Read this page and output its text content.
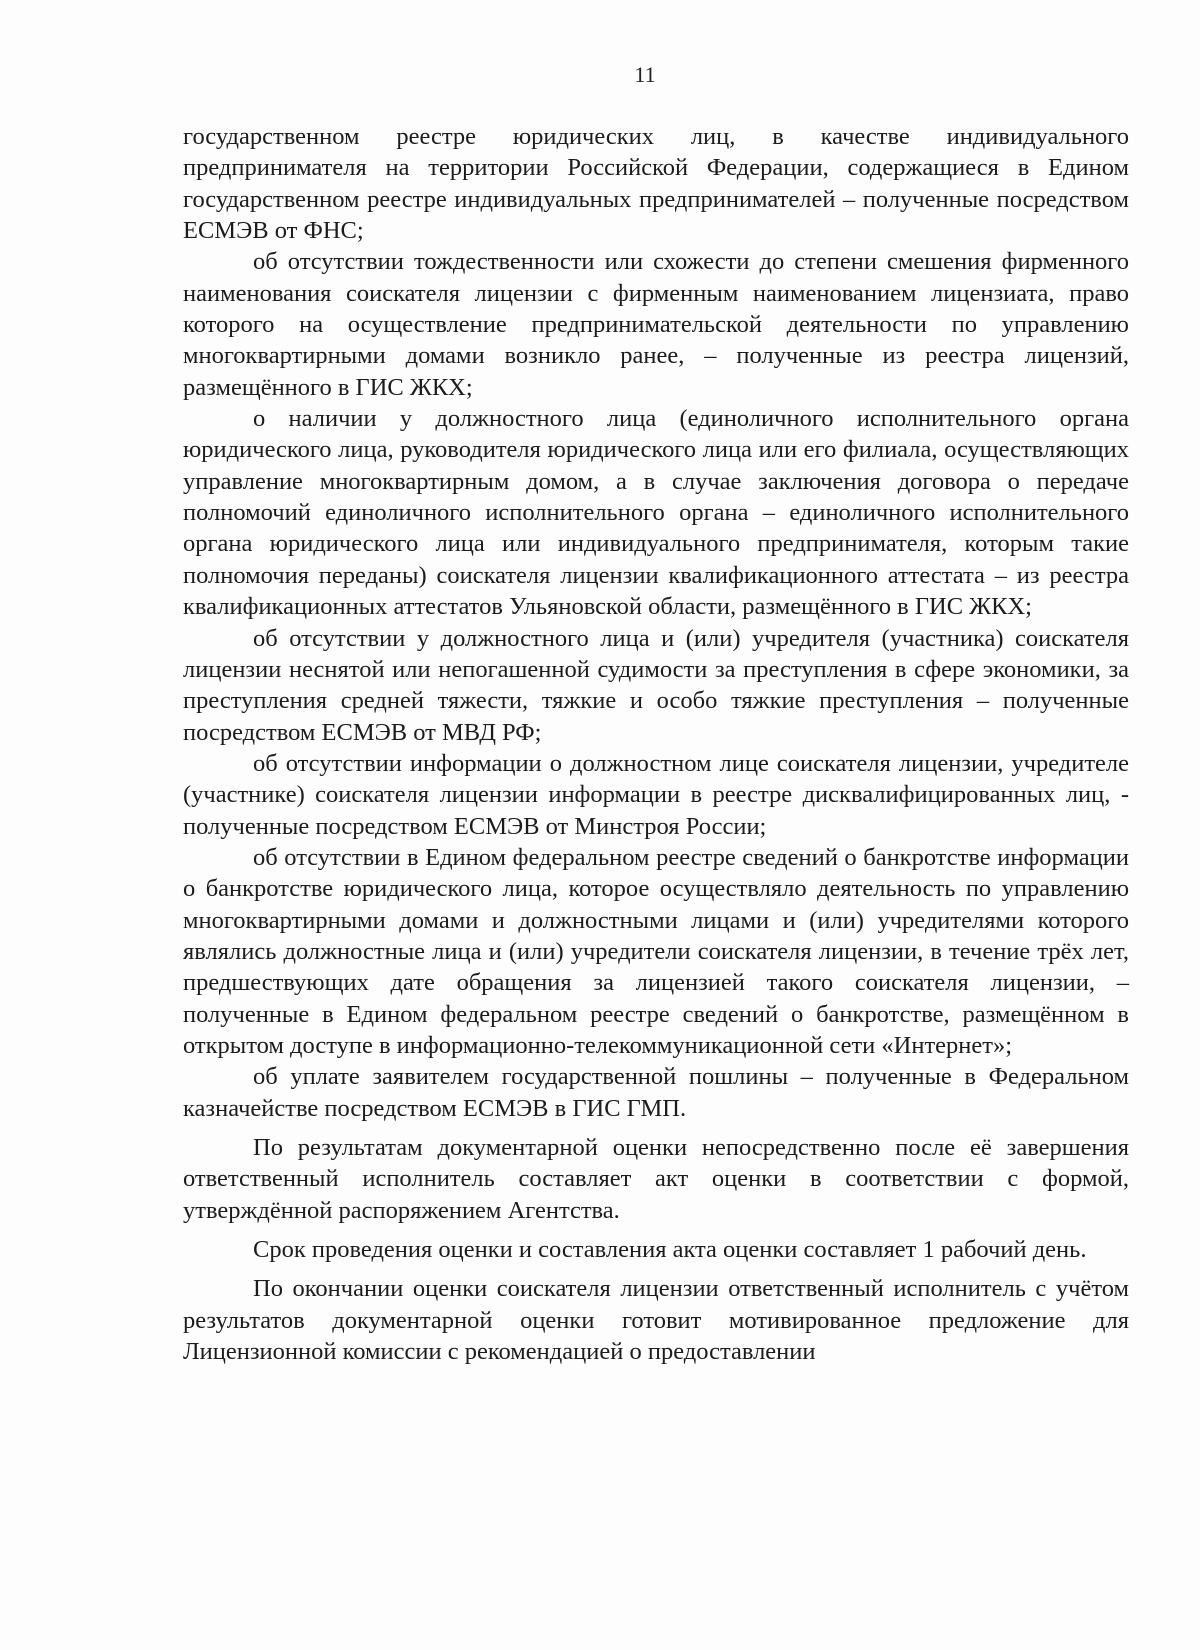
11

государственном реестре юридических лиц, в качестве индивидуального предпринимателя на территории Российской Федерации, содержащиеся в Едином государственном реестре индивидуальных предпринимателей – полученные посредством ЕСМЭВ от ФНС;

об отсутствии тождественности или схожести до степени смешения фирменного наименования соискателя лицензии с фирменным наименованием лицензиата, право которого на осуществление предпринимательской деятельности по управлению многоквартирными домами возникло ранее, – полученные из реестра лицензий, размещённого в ГИС ЖКХ;

о наличии у должностного лица (единоличного исполнительного органа юридического лица, руководителя юридического лица или его филиала, осуществляющих управление многоквартирным домом, а в случае заключения договора о передаче полномочий единоличного исполнительного органа – единоличного исполнительного органа юридического лица или индивидуального предпринимателя, которым такие полномочия переданы) соискателя лицензии квалификационного аттестата – из реестра квалификационных аттестатов Ульяновской области, размещённого в ГИС ЖКХ;

об отсутствии у должностного лица и (или) учредителя (участника) соискателя лицензии неснятой или непогашенной судимости за преступления в сфере экономики, за преступления средней тяжести, тяжкие и особо тяжкие преступления – полученные посредством ЕСМЭВ от МВД РФ;

об отсутствии информации о должностном лице соискателя лицензии, учредителе (участнике) соискателя лицензии информации в реестре дисквалифицированных лиц, - полученные посредством ЕСМЭВ от Минстроя России;

об отсутствии в Едином федеральном реестре сведений о банкротстве информации о банкротстве юридического лица, которое осуществляло деятельность по управлению многоквартирными домами и должностными лицами и (или) учредителями которого являлись должностные лица и (или) учредители соискателя лицензии, в течение трёх лет, предшествующих дате обращения за лицензией такого соискателя лицензии, – полученные в Едином федеральном реестре сведений о банкротстве, размещённом в открытом доступе в информационно-телекоммуникационной сети «Интернет»;

об уплате заявителем государственной пошлины – полученные в Федеральном казначействе посредством ЕСМЭВ в ГИС ГМП.

По результатам документарной оценки непосредственно после её завершения ответственный исполнитель составляет акт оценки в соответствии с формой, утверждённой распоряжением Агентства.

Срок проведения оценки и составления акта оценки составляет 1 рабочий день.

По окончании оценки соискателя лицензии ответственный исполнитель с учётом результатов документарной оценки готовит мотивированное предложение для Лицензионной комиссии с рекомендацией о предоставлении
